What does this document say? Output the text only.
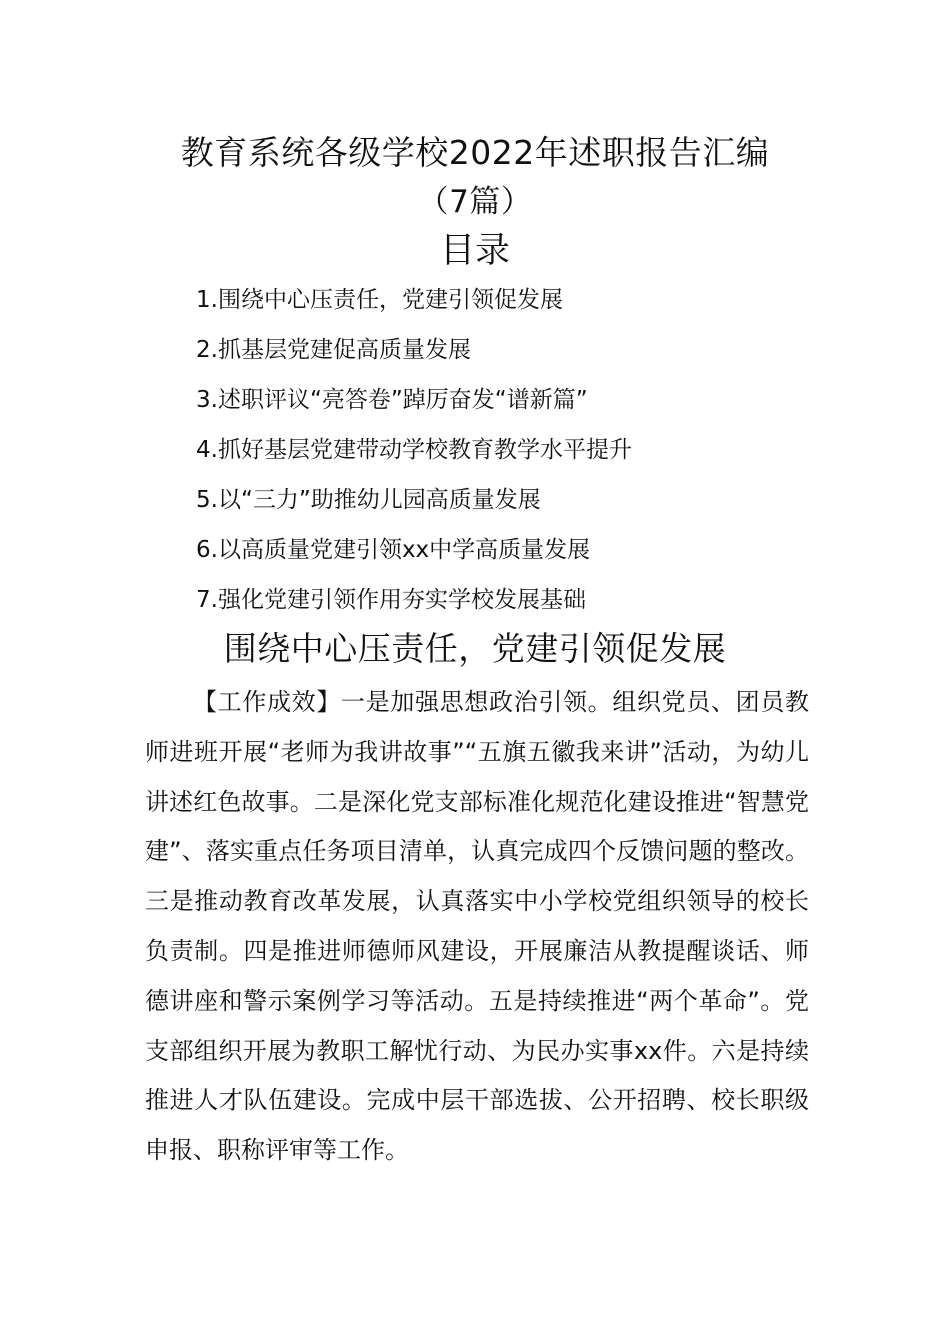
教育系统各级学校2022年述职报告汇编
（7篇）
目录
1.围绕中心压责任，党建引领促发展
2.抓基层党建促高质量发展
3.述职评议“亮答卷”踔厉奋发“谱新篇”
4.抓好基层党建带动学校教育教学水平提升
5.以“三力”助推幼儿园高质量发展
6.以高质量党建引领xx中学高质量发展
7.强化党建引领作用夯实学校发展基础
围绕中心压责任，党建引领促发展

【工作成效】一是加强思想政治引领。组织党员、团员教师进班开展“老师为我讲故事”“五旗五徽我来讲”活动，为幼儿讲述红色故事。二是深化党支部标准化规范化建设推进“智慧党建”、落实重点任务项目清单，认真完成四个反馈问题的整改。三是推动教育改革发展，认真落实中小学校党组织领导的校长负责制。四是推进师德师风建设，开展廉洁从教提醒谈话、师德讲座和警示案例学习等活动。五是持续推进“两个革命”。党支部组织开展为教职工解忧行动、为民办实事xx件。六是持续推进人才队伍建设。完成中层干部选拔、公开招聘、校长职级申报、职称评审等工作。
